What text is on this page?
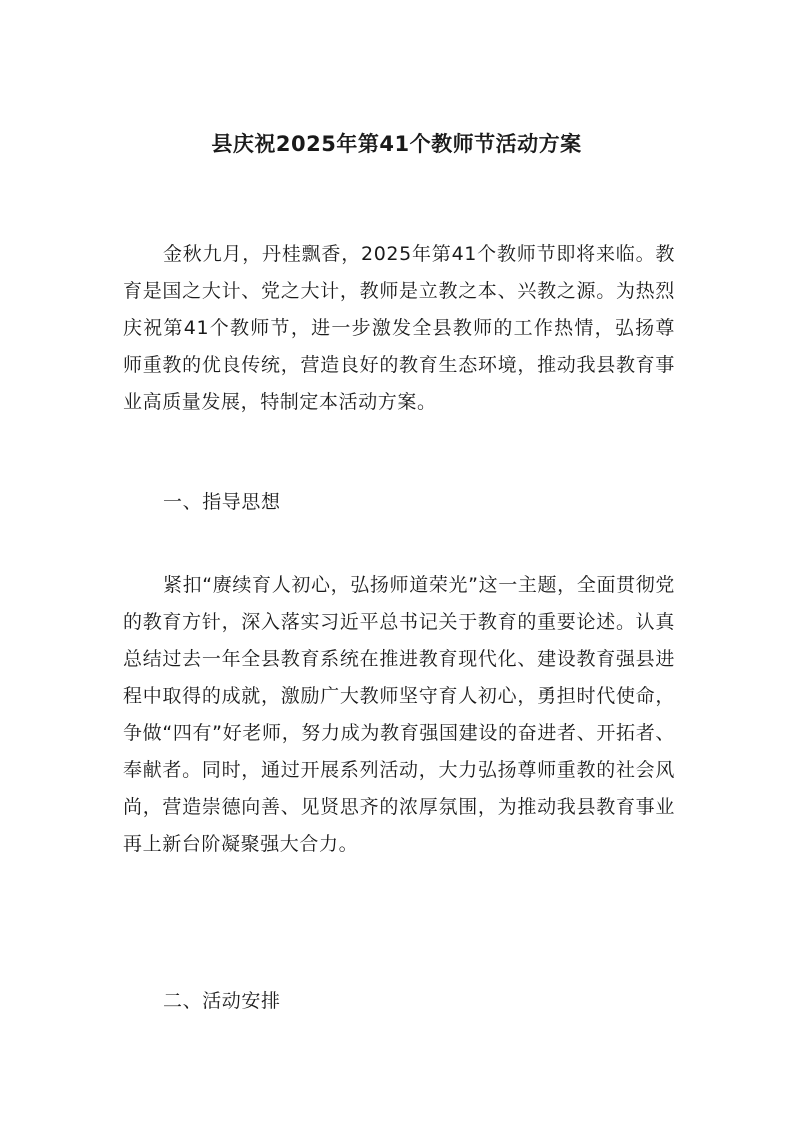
县庆祝2025年第41个教师节活动方案

金秋九月，丹桂飘香，2025年第41个教师节即将来临。教育是国之大计、党之大计，教师是立教之本、兴教之源。为热烈庆祝第41个教师节，进一步激发全县教师的工作热情，弘扬尊师重教的优良传统，营造良好的教育生态环境，推动我县教育事业高质量发展，特制定本活动方案。

一、指导思想

紧扣“赓续育人初心，弘扬师道荣光”这一主题，全面贯彻党的教育方针，深入落实习近平总书记关于教育的重要论述。认真总结过去一年全县教育系统在推进教育现代化、建设教育强县进程中取得的成就，激励广大教师坚守育人初心，勇担时代使命，争做“四有”好老师，努力成为教育强国建设的奋进者、开拓者、奉献者。同时，通过开展系列活动，大力弘扬尊师重教的社会风尚，营造崇德向善、见贤思齐的浓厚氛围，为推动我县教育事业再上新台阶凝聚强大合力。

二、活动安排
